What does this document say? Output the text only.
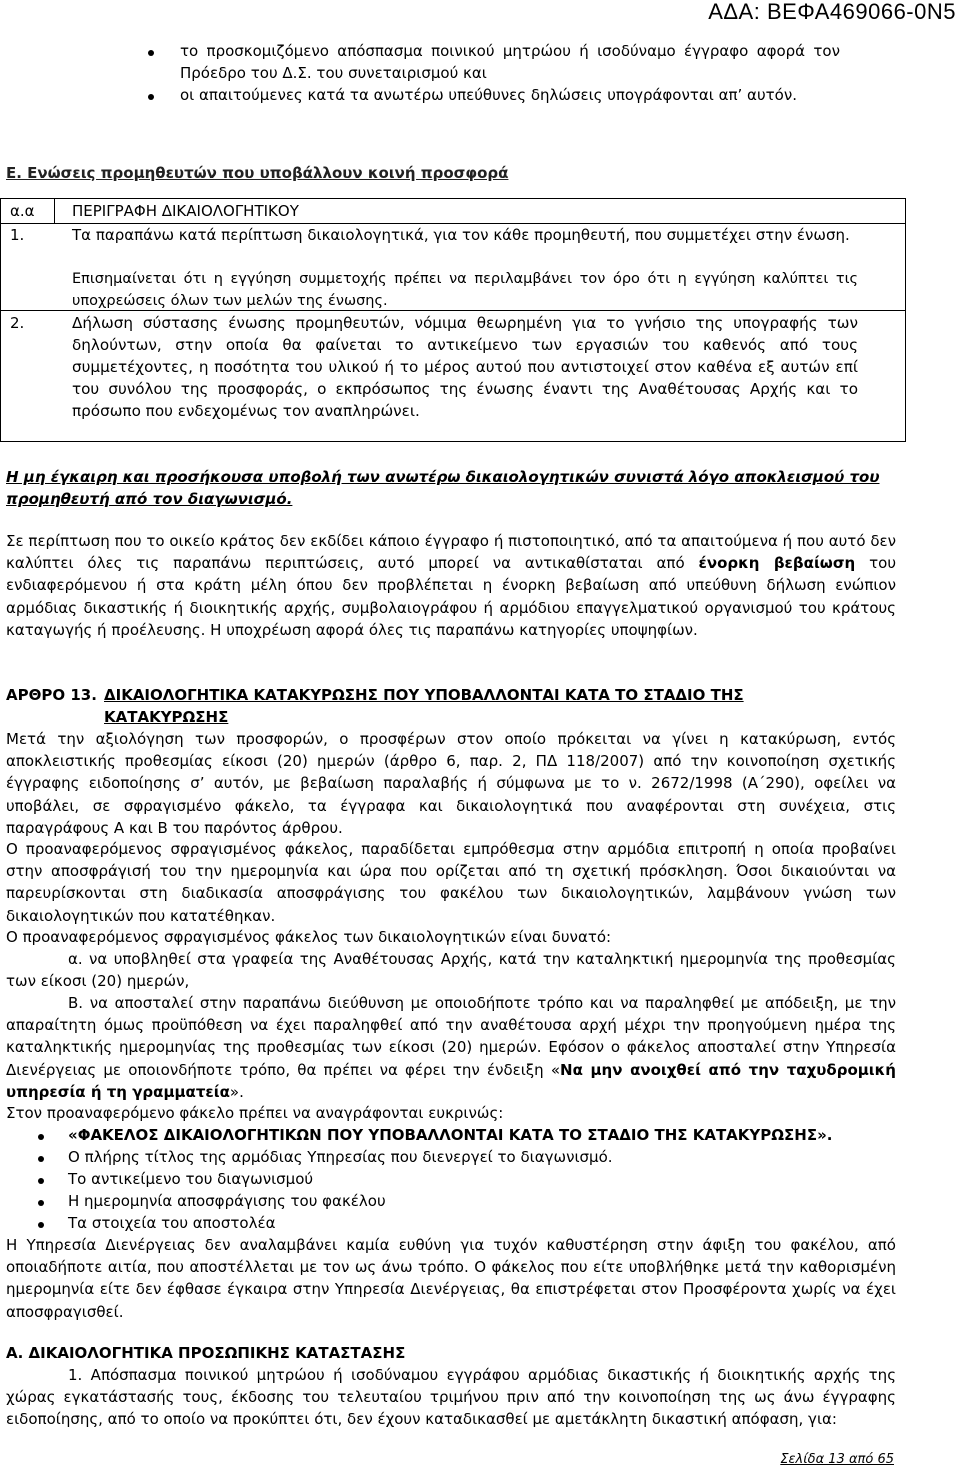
ΑΔΑ: ΒΕΦΑ469066-0Ν5
το προσκομιζόμενο απόσπασμα ποινικού μητρώου ή ισοδύναμο έγγραφο αφορά τον Πρόεδρο του Δ.Σ. του συνεταιρισμού και
οι απαιτούμενες κατά τα ανωτέρω υπεύθυνες δηλώσεις υπογράφονται απ’ αυτόν.
Ε. Ενώσεις προμηθευτών που υποβάλλουν κοινή προσφορά
α.α ΠΕΡΙΓΡΑΦΗ ΔΙΚΑΙΟΛΟΓΗΤΙΚΟΥ
1.	Τα παραπάνω κατά περίπτωση δικαιολογητικά, για τον κάθε προμηθευτή, που συμμετέχει στην ένωση.
Επισημαίνεται ότι η εγγύηση συμμετοχής πρέπει να περιλαμβάνει τον όρο ότι η εγγύηση καλύπτει τις υποχρεώσεις όλων των μελών της ένωσης.
2.	Δήλωση σύστασης ένωσης προμηθευτών, νόμιμα θεωρημένη για το γνήσιο της υπογραφής των δηλούντων, στην οποία θα φαίνεται το αντικείμενο των εργασιών του καθενός από τους συμμετέχοντες, η ποσότητα του υλικού ή το μέρος αυτού που αντιστοιχεί στον καθένα εξ αυτών επί του συνόλου της προσφοράς, ο εκπρόσωπος της ένωσης έναντι της Αναθέτουσας Αρχής και το πρόσωπο που ενδεχομένως τον αναπληρώνει.
Η μη έγκαιρη και προσήκουσα υποβολή των ανωτέρω δικαιολογητικών συνιστά λόγο αποκλεισμού του προμηθευτή από τον διαγωνισμό.
Σε περίπτωση που το οικείο κράτος δεν εκδίδει κάποιο έγγραφο ή πιστοποιητικό, από τα απαιτούμενα ή που αυτό δεν καλύπτει όλες τις παραπάνω περιπτώσεις, αυτό μπορεί να αντικαθίσταται από ένορκη βεβαίωση του ενδιαφερόμενου ή στα κράτη μέλη όπου δεν προβλέπεται η ένορκη βεβαίωση από υπεύθυνη δήλωση ενώπιον αρμόδιας δικαστικής ή διοικητικής αρχής, συμβολαιογράφου ή αρμόδιου επαγγελματικού οργανισμού του κράτους καταγωγής ή προέλευσης. Η υποχρέωση αφορά όλες τις παραπάνω κατηγορίες υποψηφίων.
ΑΡΘΡΟ 13. ΔΙΚΑΙΟΛΟΓΗΤΙΚΑ ΚΑΤΑΚΥΡΩΣΗΣ ΠΟΥ ΥΠΟΒΑΛΛΟΝΤΑΙ ΚΑΤΑ ΤΟ ΣΤΑΔΙΟ ΤΗΣ
ΚΑΤΑΚΥΡΩΣΗΣ
Μετά την αξιολόγηση των προσφορών, ο προσφέρων στον οποίο πρόκειται να γίνει η κατακύρωση, εντός αποκλειστικής προθεσμίας είκοσι (20) ημερών (άρθρο 6, παρ. 2, ΠΔ 118/2007) από την κοινοποίηση σχετικής έγγραφης ειδοποίησης σ’ αυτόν, με βεβαίωση παραλαβής ή σύμφωνα με το ν. 2672/1998 (Α΄290), οφείλει να υποβάλει, σε σφραγισμένο φάκελο, τα έγγραφα και δικαιολογητικά που αναφέρονται στη συνέχεια, στις παραγράφους Α και Β του παρόντος άρθρου.
Ο προαναφερόμενος σφραγισμένος φάκελος, παραδίδεται εμπρόθεσμα στην αρμόδια επιτροπή η οποία προβαίνει στην αποσφράγισή του την ημερομηνία και ώρα που ορίζεται από τη σχετική πρόσκληση. Όσοι δικαιούνται να παρευρίσκονται στη διαδικασία αποσφράγισης του φακέλου των δικαιολογητικών, λαμβάνουν γνώση των δικαιολογητικών που κατατέθηκαν.
Ο προαναφερόμενος σφραγισμένος φάκελος των δικαιολογητικών είναι δυνατό:
α. να υποβληθεί στα γραφεία της Αναθέτουσας Αρχής, κατά την καταληκτική ημερομηνία της προθεσμίας των είκοσι (20) ημερών,
Β. να αποσταλεί στην παραπάνω διεύθυνση με οποιοδήποτε τρόπο και να παραληφθεί με απόδειξη, με την απαραίτητη όμως προϋπόθεση να έχει παραληφθεί από την αναθέτουσα αρχή μέχρι την προηγούμενη ημέρα της καταληκτικής ημερομηνίας της προθεσμίας των είκοσι (20) ημερών. Εφόσον ο φάκελος αποσταλεί στην Υπηρεσία Διενέργειας με οποιονδήποτε τρόπο, θα πρέπει να φέρει την ένδειξη «Να μην ανοιχθεί από την ταχυδρομική υπηρεσία ή τη γραμματεία».
Στον προαναφερόμενο φάκελο πρέπει να αναγράφονται ευκρινώς:
«ΦΑΚΕΛΟΣ ΔΙΚΑΙΟΛΟΓΗΤΙΚΩΝ ΠΟΥ ΥΠΟΒΑΛΛΟΝΤΑΙ ΚΑΤΑ ΤΟ ΣΤΑΔΙΟ ΤΗΣ ΚΑΤΑΚΥΡΩΣΗΣ».
Ο πλήρης τίτλος της αρμόδιας Υπηρεσίας που διενεργεί το διαγωνισμό.
Το αντικείμενο του διαγωνισμού
Η ημερομηνία αποσφράγισης του φακέλου
Τα στοιχεία του αποστολέα
Η Υπηρεσία Διενέργειας δεν αναλαμβάνει καμία ευθύνη για τυχόν καθυστέρηση στην άφιξη του φακέλου, από οποιαδήποτε αιτία, που αποστέλλεται με τον ως άνω τρόπο. Ο φάκελος που είτε υποβλήθηκε μετά την καθορισμένη ημερομηνία είτε δεν έφθασε έγκαιρα στην Υπηρεσία Διενέργειας, θα επιστρέφεται στον Προσφέροντα χωρίς να έχει αποσφραγισθεί.
Α. ΔΙΚΑΙΟΛΟΓΗΤΙΚΑ ΠΡΟΣΩΠΙΚΗΣ ΚΑΤΑΣΤΑΣΗΣ
1. Απόσπασμα ποινικού μητρώου ή ισοδύναμου εγγράφου αρμόδιας δικαστικής ή διοικητικής αρχής της χώρας εγκατάστασής τους, έκδοσης του τελευταίου τριμήνου πριν από την κοινοποίηση της ως άνω έγγραφης ειδοποίησης, από το οποίο να προκύπτει ότι, δεν έχουν καταδικασθεί με αμετάκλητη δικαστική απόφαση, για:
Σελίδα 13 από 65
